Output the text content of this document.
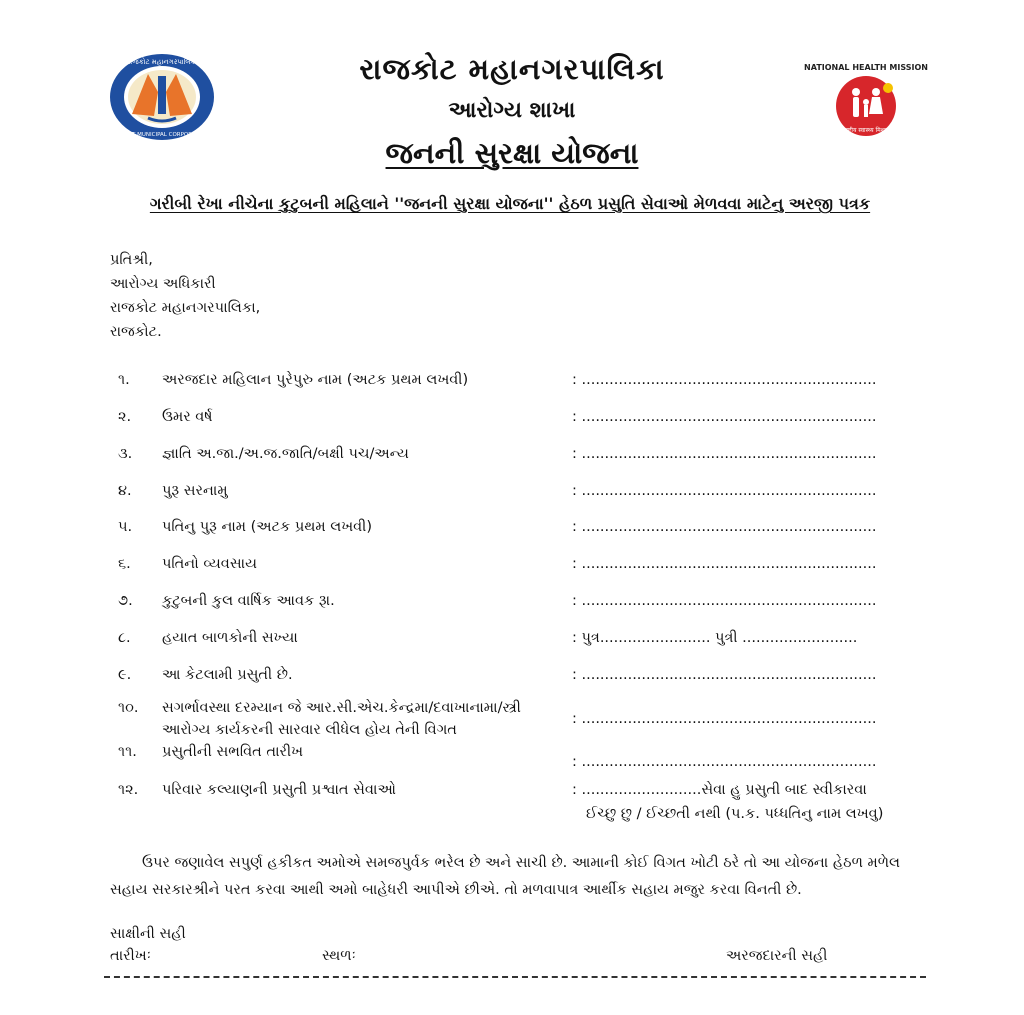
રાજકોટ મહાનગરપાલિકા
RAJKOT MUNICIPAL CORPORATION
NATIONAL HEALTH MISSION
राष्ट्रीय स्वास्थ्य मिशन
રાજકોટ મહાનગરપાલિકા
આરોગ્ય શાખા
જનની સુરક્ષા યોજના
ગરીબી રેખા નીચેના કુટુબની મહિલાને ''જનની સુરક્ષા યોજના'' હેઠળ પ્રસુતિ સેવાઓ મેળવવા માટેનુ અરજી પત્રક
પ્રતિશ્રી,
આરોગ્ય અધિકારી
રાજકોટ મહાનગરપાલિકા,
રાજકોટ.
૧. અરજદાર મહિલાન પુરેપુરુ નામ (અટક પ્રથમ લખવી)	: ................................................................
૨. ઉમર વર્ષ	: ................................................................
૩. જ્ઞાતિ અ.જા./અ.જ.જાતિ/બક્ષી પચ/અન્ય	: ................................................................
૪. પુરૂ સરનામુ	: ................................................................
૫. પતિનુ પુરૂ નામ (અટક પ્રથમ લખવી)	: ................................................................
૬. પતિનો વ્યવસાય	: ................................................................
૭. કુટુબની કુલ વાર્ષિક આવક રૂા.	: ................................................................
૮. હયાત બાળકોની સખ્યા	: પુત્ર........................ પુત્રી .........................
૯. આ કેટલામી પ્રસુતી છે.	: ................................................................
૧૦. સગર્ભાવસ્થા દરમ્યાન જે આર.સી.એચ.કેન્દ્રમા/દવાખાનામા/સ્ત્રી
આરોગ્ય કાર્યકરની સારવાર લીધેલ હોય તેની વિગત
: ................................................................
૧૧. પ્રસુતીની સભવિત તારીખ
: ................................................................
૧૨. પરિવાર કલ્યાણની પ્રસુતી પ્રશ્વાત સેવાઓ	: ..........................સેવા હુ પ્રસુતી બાદ સ્વીકારવા
ઈચ્છુ છુ / ઈચ્છતી નથી (પ.ક. પધ્ધતિનુ નામ લખવુ)

ઉપર જણાવેલ સપુર્ણ હકીકત અમોએ સમજપુર્વક ભરેલ છે અને સાચી છે. આમાની કોઈ વિગત ખોટી ઠરે તો આ યોજના હેઠળ મળેલ સહાય સરકારશ્રીને પરત કરવા આથી અમો બાહેધરી આપીએ છીએ. તો મળવાપાત્ર આર્થીક સહાય મજુર કરવા વિનતી છે.

સાક્ષીની સહી
તારીખઃ	સ્થળઃ	અરજદારની સહી
